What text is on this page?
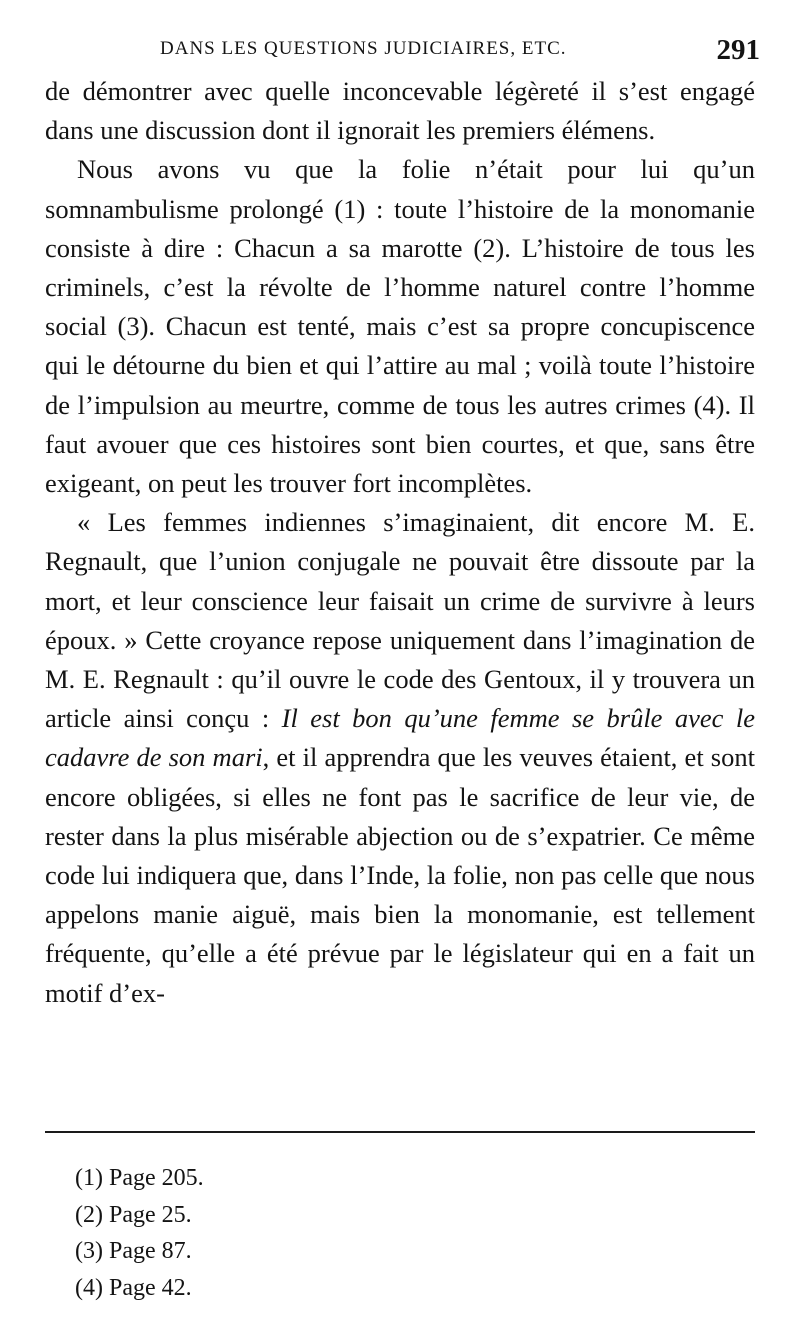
DANS LES QUESTIONS JUDICIAIRES, ETC.	291

de démontrer avec quelle inconcevable légèreté il s’est engagé dans une discussion dont il ignorait les premiers élémens.

Nous avons vu que la folie n’était pour lui qu’un somnambulisme prolongé (1) : toute l’histoire de la monomanie consiste à dire : Chacun a sa marotte (2). L’histoire de tous les criminels, c’est la révolte de l’homme naturel contre l’homme social (3). Chacun est tenté, mais c’est sa propre concupiscence qui le détourne du bien et qui l’attire au mal ; voilà toute l’histoire de l’impulsion au meurtre, comme de tous les autres crimes (4). Il faut avouer que ces histoires sont bien courtes, et que, sans être exigeant, on peut les trouver fort incomplètes.

« Les femmes indiennes s’imaginaient, dit encore M. E. Regnault, que l’union conjugale ne pouvait être dissoute par la mort, et leur conscience leur faisait un crime de survivre à leurs époux. » Cette croyance repose uniquement dans l’imagination de M. E. Regnault : qu’il ouvre le code des Gentoux, il y trouvera un article ainsi conçu : Il est bon qu’une femme se brûle avec le cadavre de son mari, et il apprendra que les veuves étaient, et sont encore obligées, si elles ne font pas le sacrifice de leur vie, de rester dans la plus misérable abjection ou de s’expatrier. Ce même code lui indiquera que, dans l’Inde, la folie, non pas celle que nous appelons manie aiguë, mais bien la monomanie, est tellement fréquente, qu’elle a été prévue par le législateur qui en a fait un motif d’ex-

(1) Page 205.
(2) Page 25.
(3) Page 87.
(4) Page 42.
